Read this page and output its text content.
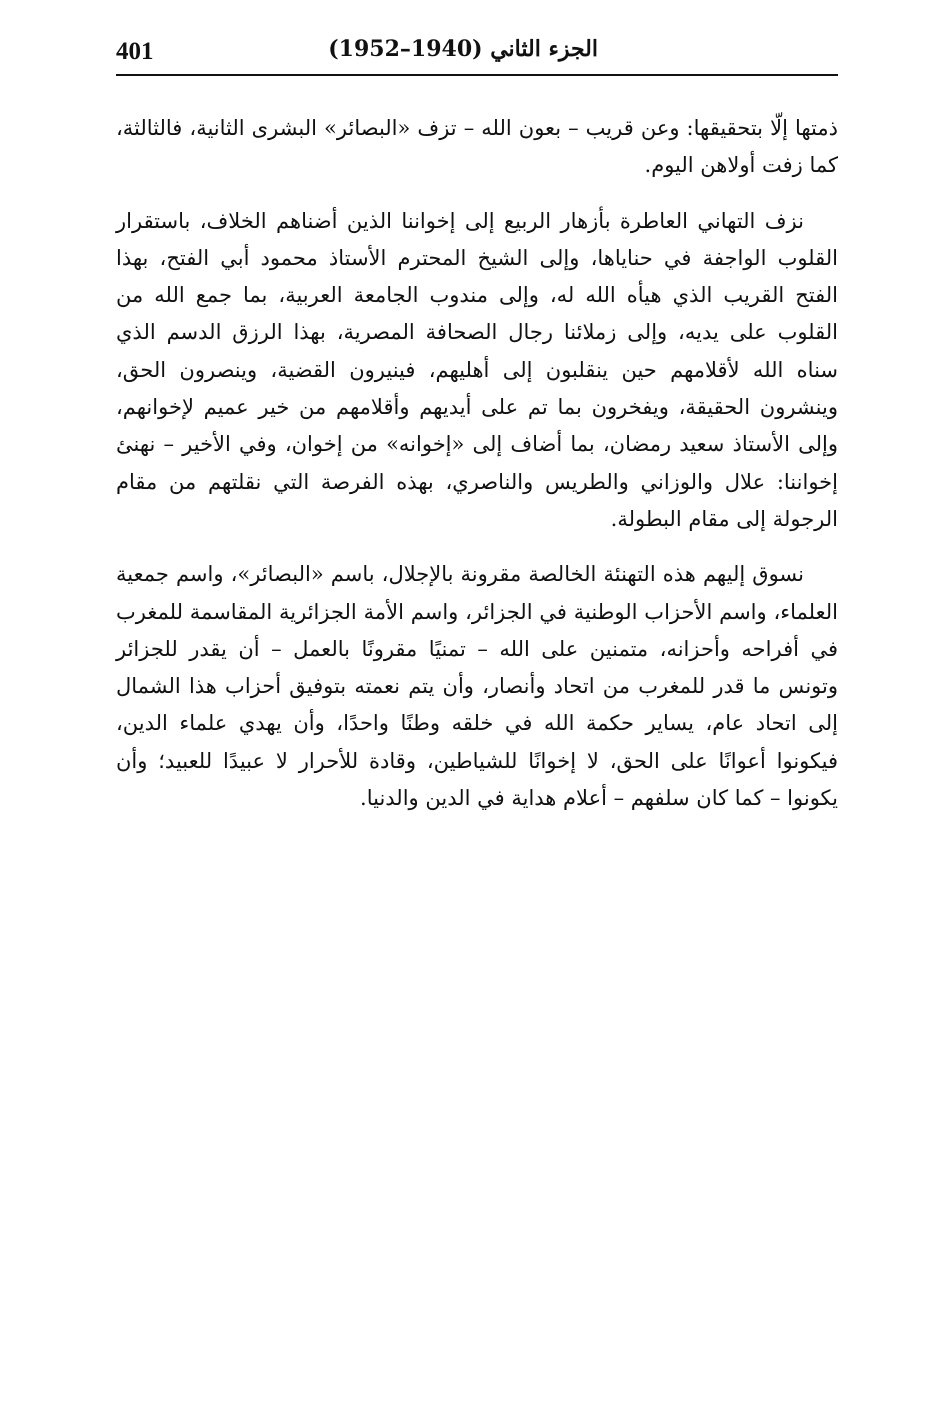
401	الجزء الثاني (1940–1952)

ذمتها إلّا بتحقيقها: وعن قريب – بعون الله – تزف «البصائر» البشرى الثانية، فالثالثة، كما زفت أولاهن اليوم.

نزف التهاني العاطرة بأزهار الربيع إلى إخواننا الذين أضناهم الخلاف، باستقرار القلوب الواجفة في حناياها، وإلى الشيخ المحترم الأستاذ محمود أبي الفتح، بهذا الفتح القريب الذي هيأه الله له، وإلى مندوب الجامعة العربية، بما جمع الله من القلوب على يديه، وإلى زملائنا رجال الصحافة المصرية، بهذا الرزق الدسم الذي سناه الله لأقلامهم حين ينقلبون إلى أهليهم، فينيرون القضية، وينصرون الحق، وينشرون الحقيقة، ويفخرون بما تم على أيديهم وأقلامهم من خير عميم لإخوانهم، وإلى الأستاذ سعيد رمضان، بما أضاف إلى «إخوانه» من إخوان، وفي الأخير – نهنئ إخواننا: علال والوزاني والطريس والناصري، بهذه الفرصة التي نقلتهم من مقام الرجولة إلى مقام البطولة.

نسوق إليهم هذه التهنئة الخالصة مقرونة بالإجلال، باسم «البصائر»، واسم جمعية العلماء، واسم الأحزاب الوطنية في الجزائر، واسم الأمة الجزائرية المقاسمة للمغرب في أفراحه وأحزانه، متمنين على الله – تمنيًا مقرونًا بالعمل – أن يقدر للجزائر وتونس ما قدر للمغرب من اتحاد وأنصار، وأن يتم نعمته بتوفيق أحزاب هذا الشمال إلى اتحاد عام، يساير حكمة الله في خلقه وطنًا واحدًا، وأن يهدي علماء الدين، فيكونوا أعوانًا على الحق، لا إخوانًا للشياطين، وقادة للأحرار لا عبيدًا للعبيد؛ وأن يكونوا – كما كان سلفهم – أعلام هداية في الدين والدنيا.
